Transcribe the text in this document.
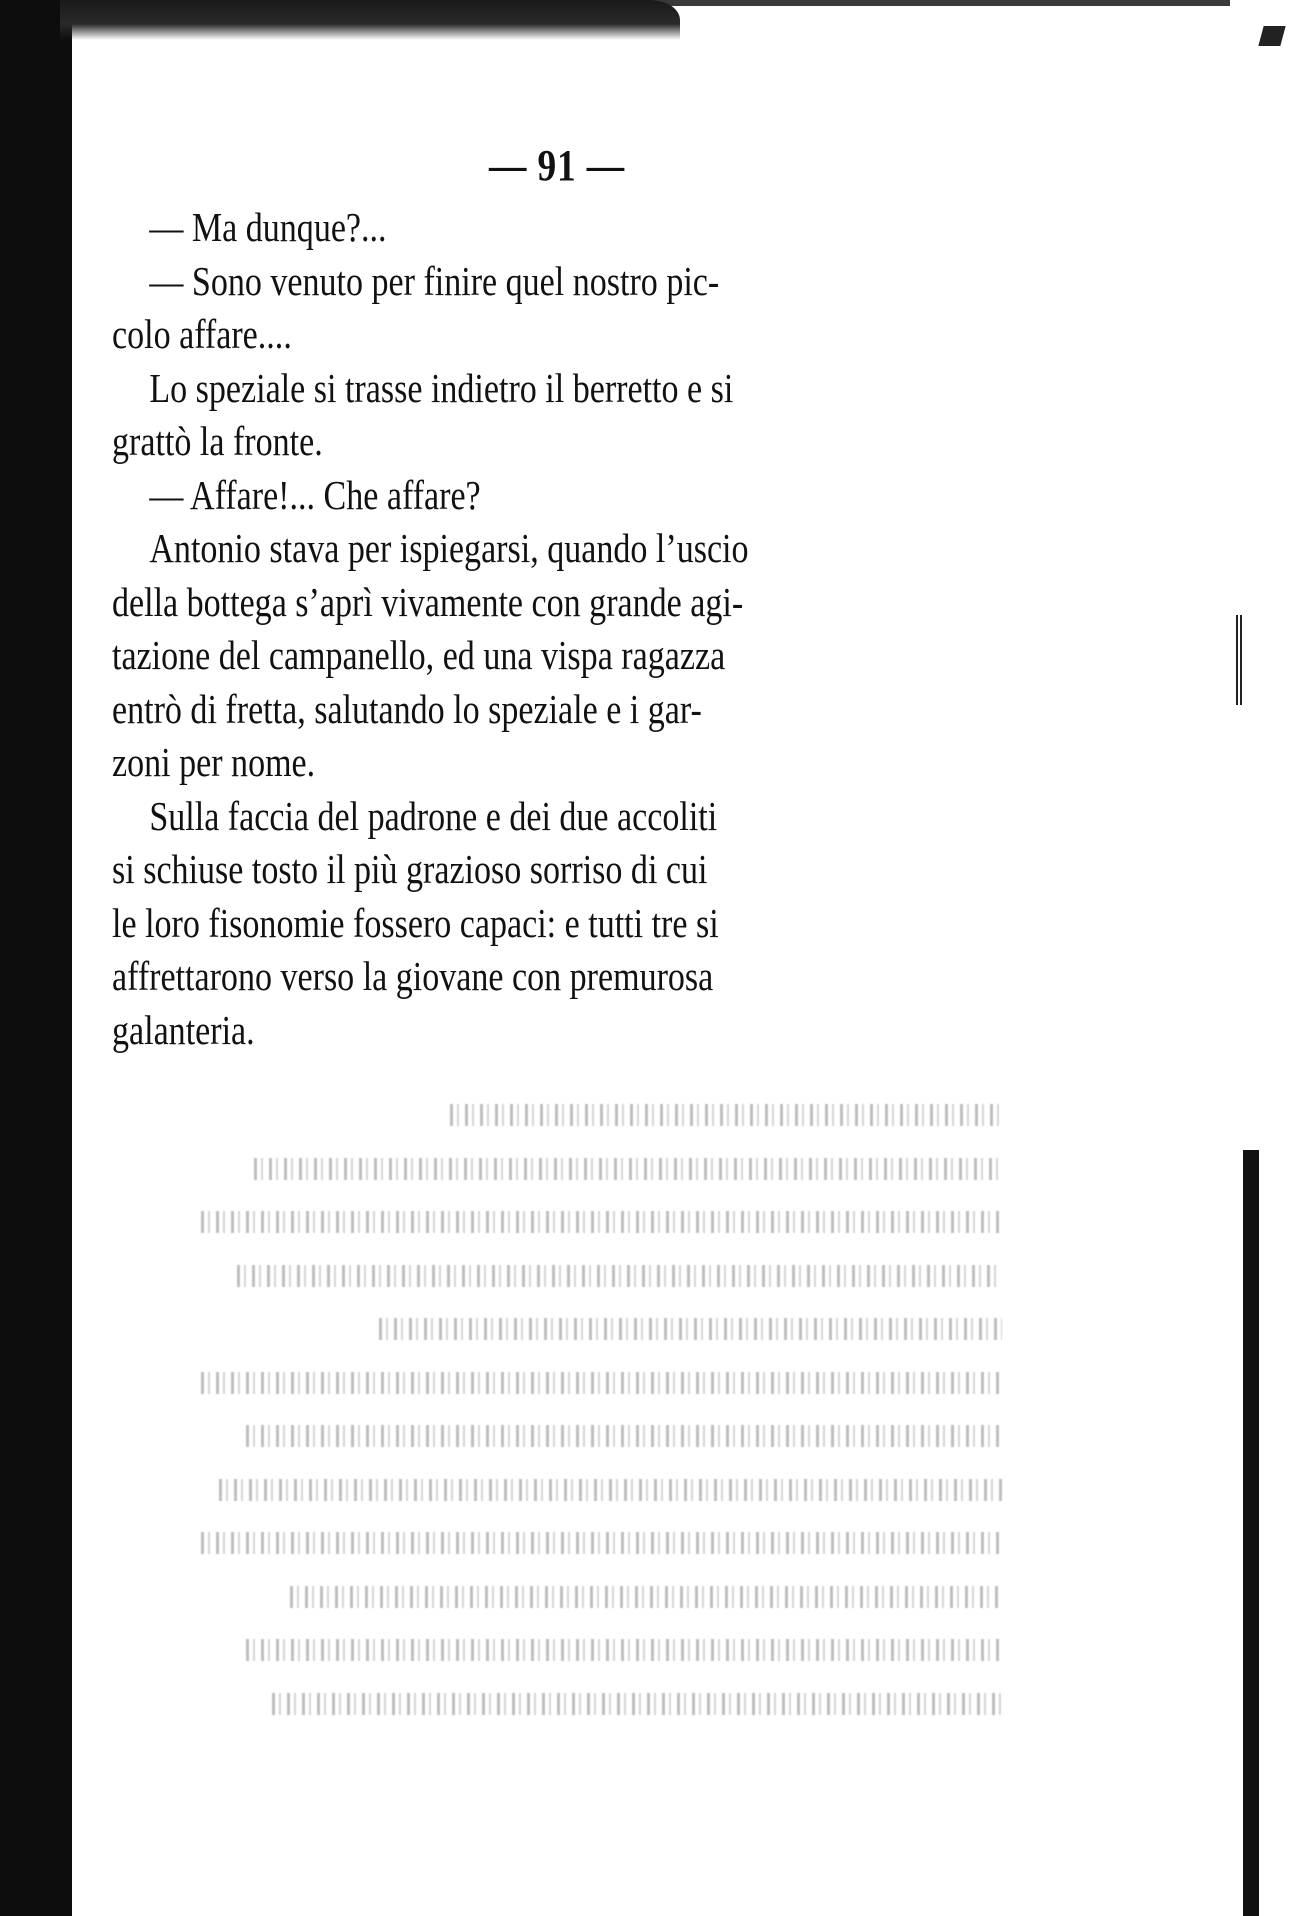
— 91 —
— Ma dunque?...
— Sono venuto per finire quel nostro pic-
colo affare....
Lo speziale si trasse indietro il berretto e si
grattò la fronte.
— Affare!... Che affare?
Antonio stava per ispiegarsi, quando l’uscio
della bottega s’aprì vivamente con grande agi-
tazione del campanello, ed una vispa ragazza
entrò di fretta, salutando lo speziale e i gar-
zoni per nome.
Sulla faccia del padrone e dei due accoliti
si schiuse tosto il più grazioso sorriso di cui
le loro fisonomie fossero capaci: e tutti tre si
affrettarono verso la giovane con premurosa
galanteria.
